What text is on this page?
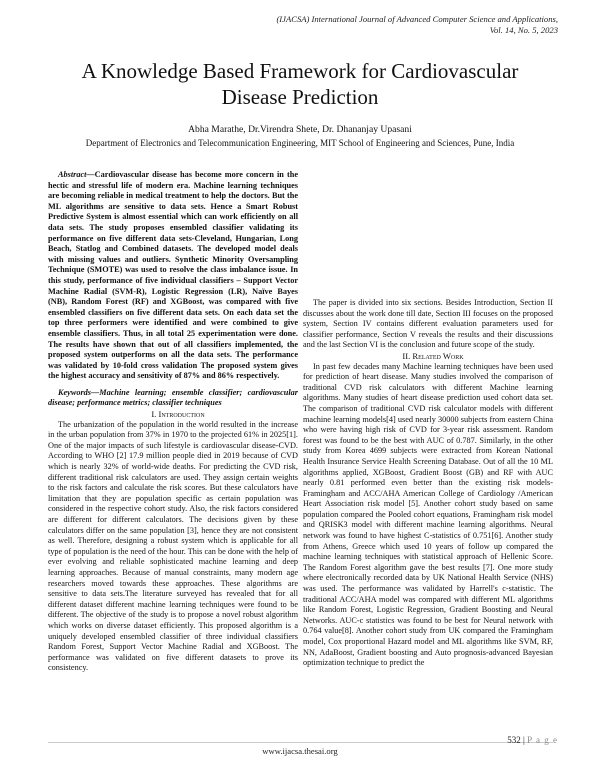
(IJACSA) International Journal of Advanced Computer Science and Applications,
Vol. 14, No. 5, 2023
A Knowledge Based Framework for Cardiovascular
Disease Prediction
Abha Marathe, Dr.Virendra Shete, Dr. Dhananjay Upasani
Department of Electronics and Telecommunication Engineering, MIT School of Engineering and Sciences, Pune, India

Abstract—Cardiovascular disease has become more concern in the hectic and stressful life of modern era. Machine learning techniques are becoming reliable in medical treatment to help the doctors. But the ML algorithms are sensitive to data sets. Hence a Smart Robust Predictive System is almost essential which can work efficiently on all data sets. The study proposes ensembled classifier validating its performance on five different data sets-Cleveland, Hungarian, Long Beach, Statlog and Combined datasets. The developed model deals with missing values and outliers. Synthetic Minority Oversampling Technique (SMOTE) was used to resolve the class imbalance issue. In this study, performance of five individual classifiers – Support Vector Machine Radial (SVM-R), Logistic Regression (LR), Naïve Bayes (NB), Random Forest (RF) and XGBoost, was compared with five ensembled classifiers on five different data sets. On each data set the top three performers were identified and were combined to give ensemble classifiers. Thus, in all total 25 experimentation were done. The results have shown that out of all classifiers implemented, the proposed system outperforms on all the data sets. The performance was validated by 10-fold cross validation The proposed system gives the highest accuracy and sensitivity of 87% and 86% respectively.

Keywords—Machine learning; ensemble classifier; cardiovascular disease; performance metrics; classifier techniques

I. Introduction

The urbanization of the population in the world resulted in the increase in the urban population from 37% in 1970 to the projected 61% in 2025[1]. One of the major impacts of such lifestyle is cardiovascular disease-CVD. According to WHO [2] 17.9 million people died in 2019 because of CVD which is nearly 32% of world-wide deaths. For predicting the CVD risk, different traditional risk calculators are used. They assign certain weights to the risk factors and calculate the risk scores. But these calculators have limitation that they are population specific as certain population was considered in the respective cohort study. Also, the risk factors considered are different for different calculators. The decisions given by these calculators differ on the same population [3], hence they are not consistent as well. Therefore, designing a robust system which is applicable for all type of population is the need of the hour. This can be done with the help of ever evolving and reliable sophisticated machine learning and deep learning approaches. Because of manual constraints, many modern age researchers moved towards these approaches. These algorithms are sensitive to data sets.The literature surveyed has revealed that for all different dataset different machine learning techniques were found to be different. The objective of the study is to propose a novel robust algorithm which works on diverse dataset efficiently. This proposed algorithm is a uniquely developed ensembled classifier of three individual classifiers Random Forest, Support Vector Machine Radial and XGBoost. The performance was validated on five different datasets to prove its consistency.

The paper is divided into six sections. Besides Introduction, Section II discusses about the work done till date, Section III focuses on the proposed system, Section IV contains different evaluation parameters used for classifier performance, Section V reveals the results and their discussions and the last Section VI is the conclusion and future scope of the study.

II. Related Work

In past few decades many Machine learning techniques have been used for prediction of heart disease. Many studies involved the comparison of traditional CVD risk calculators with different Machine learning algorithms. Many studies of heart disease prediction used cohort data set. The comparison of traditional CVD risk calculator models with different machine learning models[4] used nearly 30000 subjects from eastern China who were having high risk of CVD for 3-year risk assessment. Random forest was found to be the best with AUC of 0.787. Similarly, in the other study from Korea 4699 subjects were extracted from Korean National Health Insurance Service Health Screening Database. Out of all the 10 ML algorithms applied, XGBoost, Gradient Boost (GB) and RF with AUC nearly 0.81 performed even better than the existing risk models- Framingham and ACC/AHA American College of Cardiology /American Heart Association risk model [5]. Another cohort study based on same population compared the Pooled cohort equations, Framingham risk model and QRISK3 model with different machine learning algorithms. Neural network was found to have highest C-statistics of 0.751[6]. Another study from Athens, Greece which used 10 years of follow up compared the machine learning techniques with statistical approach of Hellenic Score. The Random Forest algorithm gave the best results [7]. One more study where electronically recorded data by UK National Health Service (NHS) was used. The performance was validated by Harrell's c-statistic. The traditional ACC/AHA model was compared with different ML algorithms like Random Forest, Logistic Regression, Gradient Boosting and Neural Networks. AUC-c statistics was found to be best for Neural network with 0.764 value[8]. Another cohort study from UK compared the Framingham model, Cox proportional Hazard model and ML algorithms like SVM, RF, NN, AdaBoost, Gradient boosting and Auto prognosis-advanced Bayesian optimization technique to predict the

532 | P a g e
www.ijacsa.thesai.org
